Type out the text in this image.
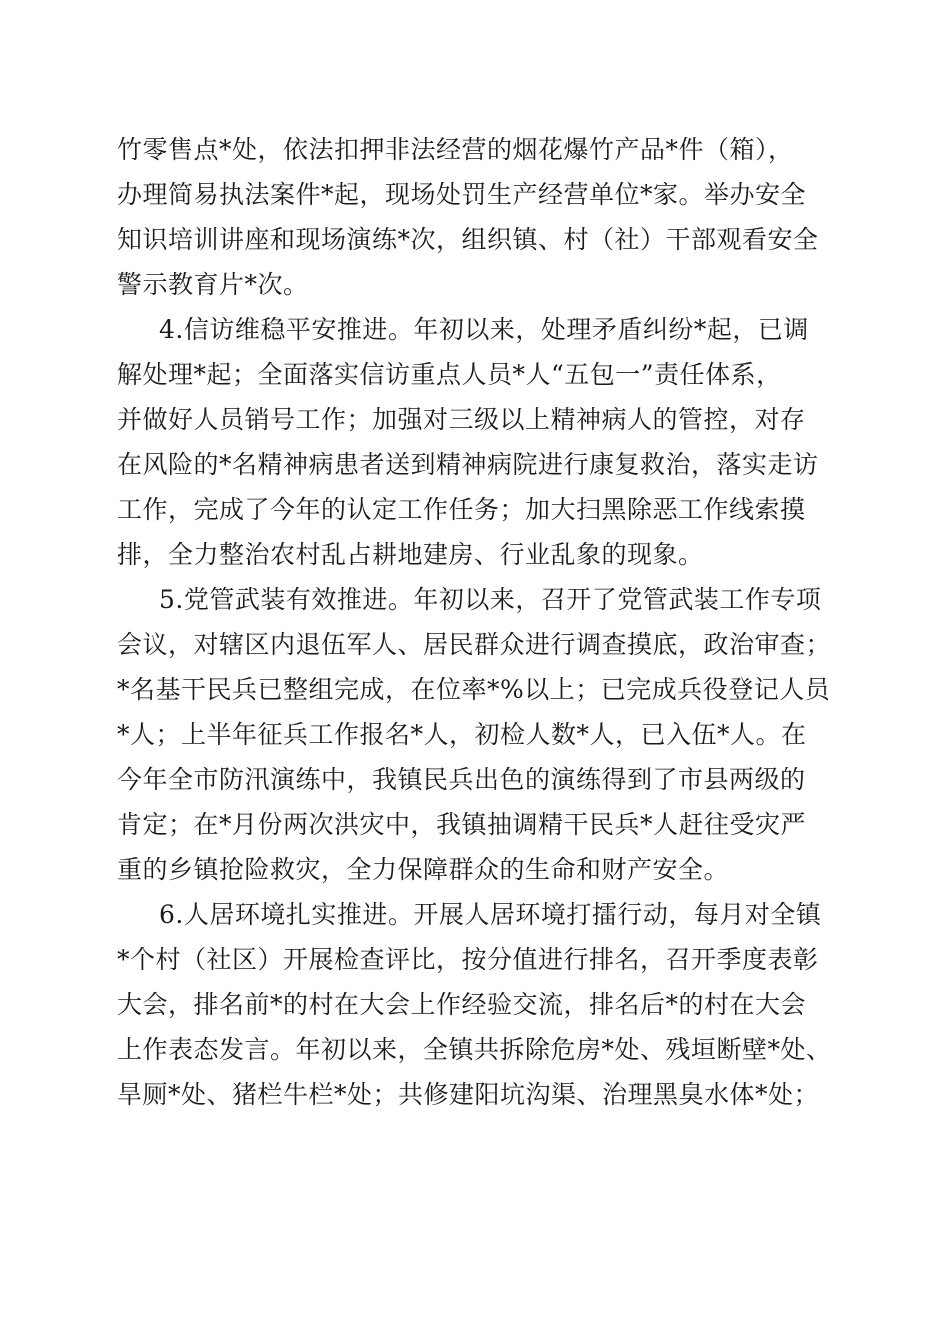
竹零售点*处，依法扣押非法经营的烟花爆竹产品*件（箱），
办理简易执法案件*起，现场处罚生产经营单位*家。举办安全
知识培训讲座和现场演练*次，组织镇、村（社）干部观看安全
警示教育片*次。
4.信访维稳平安推进。年初以来，处理矛盾纠纷*起，已调
解处理*起；全面落实信访重点人员*人“五包一”责任体系，
并做好人员销号工作；加强对三级以上精神病人的管控，对存
在风险的*名精神病患者送到精神病院进行康复救治，落实走访
工作，完成了今年的认定工作任务；加大扫黑除恶工作线索摸
排，全力整治农村乱占耕地建房、行业乱象的现象。
5.党管武装有效推进。年初以来，召开了党管武装工作专项
会议，对辖区内退伍军人、居民群众进行调查摸底，政治审查；
*名基干民兵已整组完成，在位率*%以上；已完成兵役登记人员
*人；上半年征兵工作报名*人，初检人数*人，已入伍*人。在
今年全市防汛演练中，我镇民兵出色的演练得到了市县两级的
肯定；在*月份两次洪灾中，我镇抽调精干民兵*人赶往受灾严
重的乡镇抢险救灾，全力保障群众的生命和财产安全。
6.人居环境扎实推进。开展人居环境打擂行动，每月对全镇
*个村（社区）开展检查评比，按分值进行排名，召开季度表彰
大会，排名前*的村在大会上作经验交流，排名后*的村在大会
上作表态发言。年初以来，全镇共拆除危房*处、残垣断壁*处、
旱厕*处、猪栏牛栏*处；共修建阳坑沟渠、治理黑臭水体*处；
